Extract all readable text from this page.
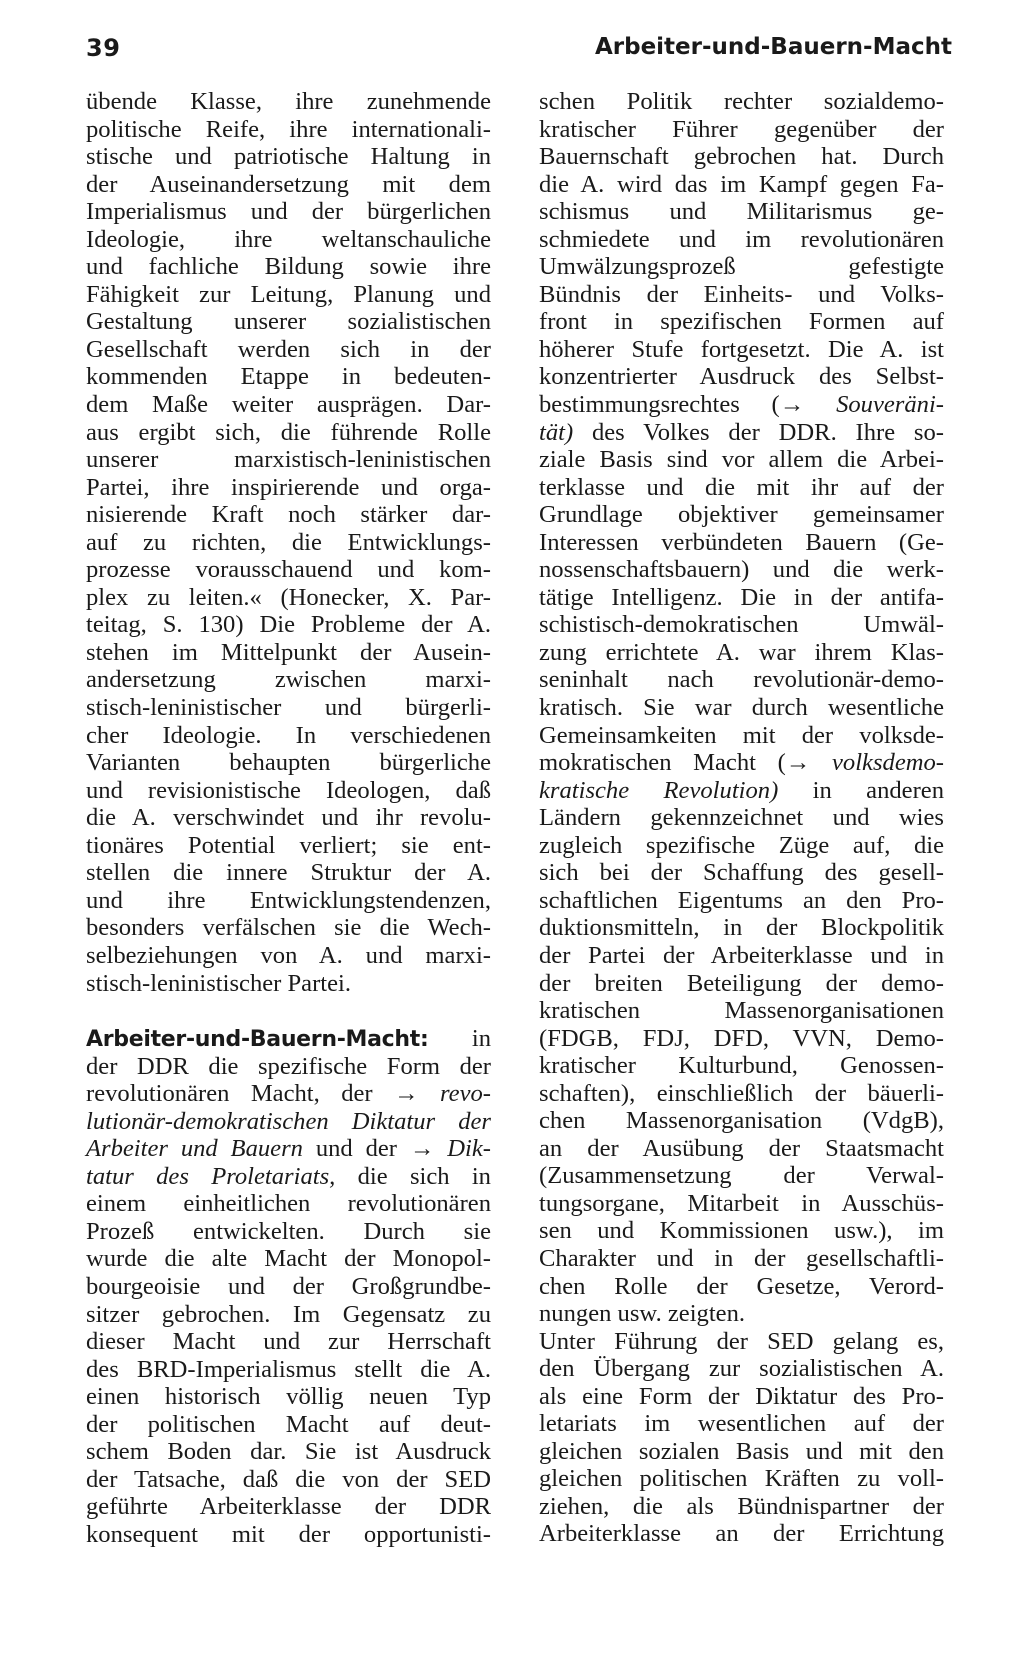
39	Arbeiter-und-Bauern-Macht
übende Klasse, ihre zunehmende
politische Reife, ihre internationali-
stische und patriotische Haltung in
der Auseinandersetzung mit dem
Imperialismus und der bürgerlichen
Ideologie, ihre weltanschauliche
und fachliche Bildung sowie ihre
Fähigkeit zur Leitung, Planung und
Gestaltung unserer sozialistischen
Gesellschaft werden sich in der
kommenden Etappe in bedeuten-
dem Maße weiter ausprägen. Dar-
aus ergibt sich, die führende Rolle
unserer marxistisch-leninistischen
Partei, ihre inspirierende und orga-
nisierende Kraft noch stärker dar-
auf zu richten, die Entwicklungs-
prozesse vorausschauend und kom-
plex zu leiten.« (Honecker, X. Par-
teitag, S. 130) Die Probleme der A.
stehen im Mittelpunkt der Ausein-
andersetzung zwischen marxi-
stisch-leninistischer und bürgerli-
cher Ideologie. In verschiedenen
Varianten behaupten bürgerliche
und revisionistische Ideologen, daß
die A. verschwindet und ihr revolu-
tionäres Potential verliert; sie ent-
stellen die innere Struktur der A.
und ihre Entwicklungstendenzen,
besonders verfälschen sie die Wech-
selbeziehungen von A. und marxi-
stisch-leninistischer Partei.
Arbeiter-und-Bauern-Macht: in
der DDR die spezifische Form der
revolutionären Macht, der → revo-
lutionär-demokratischen Diktatur der
Arbeiter und Bauern und der → Dik-
tatur des Proletariats, die sich in
einem einheitlichen revolutionären
Prozeß entwickelten. Durch sie
wurde die alte Macht der Monopol-
bourgeoisie und der Großgrundbe-
sitzer gebrochen. Im Gegensatz zu
dieser Macht und zur Herrschaft
des BRD-Imperialismus stellt die A.
einen historisch völlig neuen Typ
der politischen Macht auf deut-
schem Boden dar. Sie ist Ausdruck
der Tatsache, daß die von der SED
geführte Arbeiterklasse der DDR
konsequent mit der opportunisti-
schen Politik rechter sozialdemo-
kratischer Führer gegenüber der
Bauernschaft gebrochen hat. Durch
die A. wird das im Kampf gegen Fa-
schismus und Militarismus ge-
schmiedete und im revolutionären
Umwälzungsprozeß gefestigte
Bündnis der Einheits- und Volks-
front in spezifischen Formen auf
höherer Stufe fortgesetzt. Die A. ist
konzentrierter Ausdruck des Selbst-
bestimmungsrechtes (→ Souveräni-
tät) des Volkes der DDR. Ihre so-
ziale Basis sind vor allem die Arbei-
terklasse und die mit ihr auf der
Grundlage objektiver gemeinsamer
Interessen verbündeten Bauern (Ge-
nossenschaftsbauern) und die werk-
tätige Intelligenz. Die in der antifa-
schistisch-demokratischen Umwäl-
zung errichtete A. war ihrem Klas-
seninhalt nach revolutionär-demo-
kratisch. Sie war durch wesentliche
Gemeinsamkeiten mit der volksde-
mokratischen Macht (→ volksdemo-
kratische Revolution) in anderen
Ländern gekennzeichnet und wies
zugleich spezifische Züge auf, die
sich bei der Schaffung des gesell-
schaftlichen Eigentums an den Pro-
duktionsmitteln, in der Blockpolitik
der Partei der Arbeiterklasse und in
der breiten Beteiligung der demo-
kratischen Massenorganisationen
(FDGB, FDJ, DFD, VVN, Demo-
kratischer Kulturbund, Genossen-
schaften), einschließlich der bäuerli-
chen Massenorganisation (VdgB),
an der Ausübung der Staatsmacht
(Zusammensetzung der Verwal-
tungsorgane, Mitarbeit in Ausschüs-
sen und Kommissionen usw.), im
Charakter und in der gesellschaftli-
chen Rolle der Gesetze, Verord-
nungen usw. zeigten.
Unter Führung der SED gelang es,
den Übergang zur sozialistischen A.
als eine Form der Diktatur des Pro-
letariats im wesentlichen auf der
gleichen sozialen Basis und mit den
gleichen politischen Kräften zu voll-
ziehen, die als Bündnispartner der
Arbeiterklasse an der Errichtung
